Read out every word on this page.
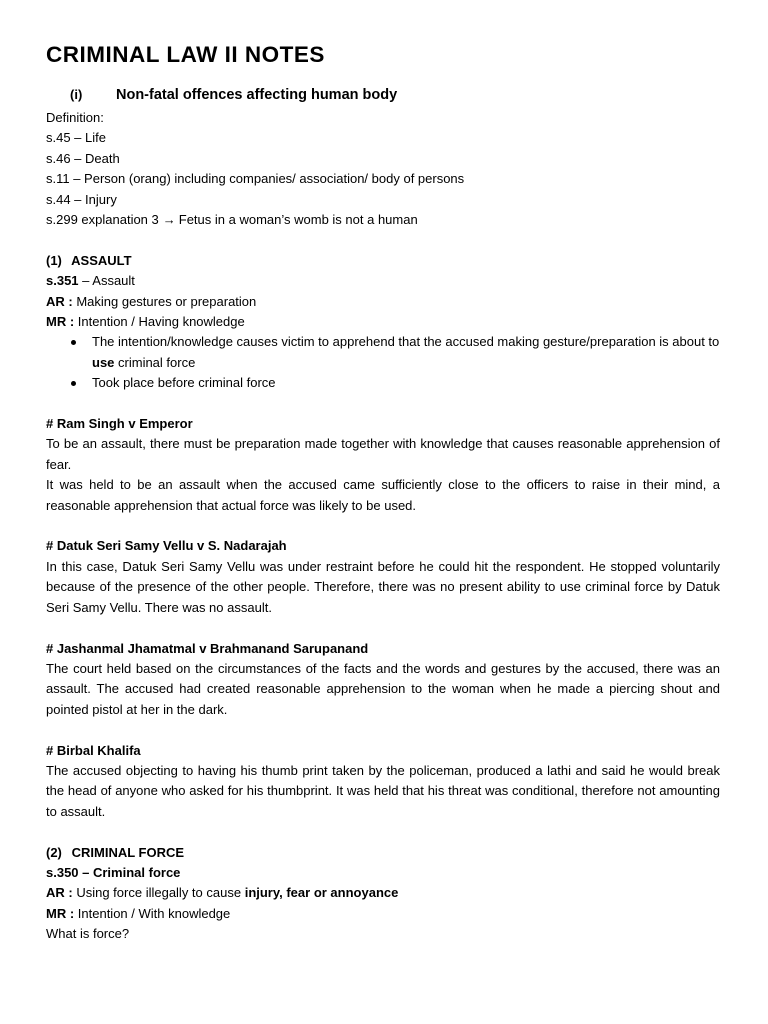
CRIMINAL LAW II NOTES
(i) Non-fatal offences affecting human body
Definition:
s.45 – Life
s.46 – Death
s.11 – Person (orang) including companies/ association/ body of persons
s.44 – Injury
s.299 explanation 3 → Fetus in a woman’s womb is not a human
(1) ASSAULT
s.351 – Assault
AR : Making gestures or preparation
MR : Intention / Having knowledge
The intention/knowledge causes victim to apprehend that the accused making gesture/preparation is about to use criminal force
Took place before criminal force
# Ram Singh v Emperor
To be an assault, there must be preparation made together with knowledge that causes reasonable apprehension of fear.
It was held to be an assault when the accused came sufficiently close to the officers to raise in their mind, a reasonable apprehension that actual force was likely to be used.
# Datuk Seri Samy Vellu v S. Nadarajah
In this case, Datuk Seri Samy Vellu was under restraint before he could hit the respondent. He stopped voluntarily because of the presence of the other people. Therefore, there was no present ability to use criminal force by Datuk Seri Samy Vellu. There was no assault.
# Jashanmal Jhamatmal v Brahmanand Sarupanand
The court held based on the circumstances of the facts and the words and gestures by the accused, there was an assault. The accused had created reasonable apprehension to the woman when he made a piercing shout and pointed pistol at her in the dark.
# Birbal Khalifa
The accused objecting to having his thumb print taken by the policeman, produced a lathi and said he would break the head of anyone who asked for his thumbprint. It was held that his threat was conditional, therefore not amounting to assault.
(2) CRIMINAL FORCE
s.350 – Criminal force
AR : Using force illegally to cause injury, fear or annoyance
MR : Intention / With knowledge
What is force?
